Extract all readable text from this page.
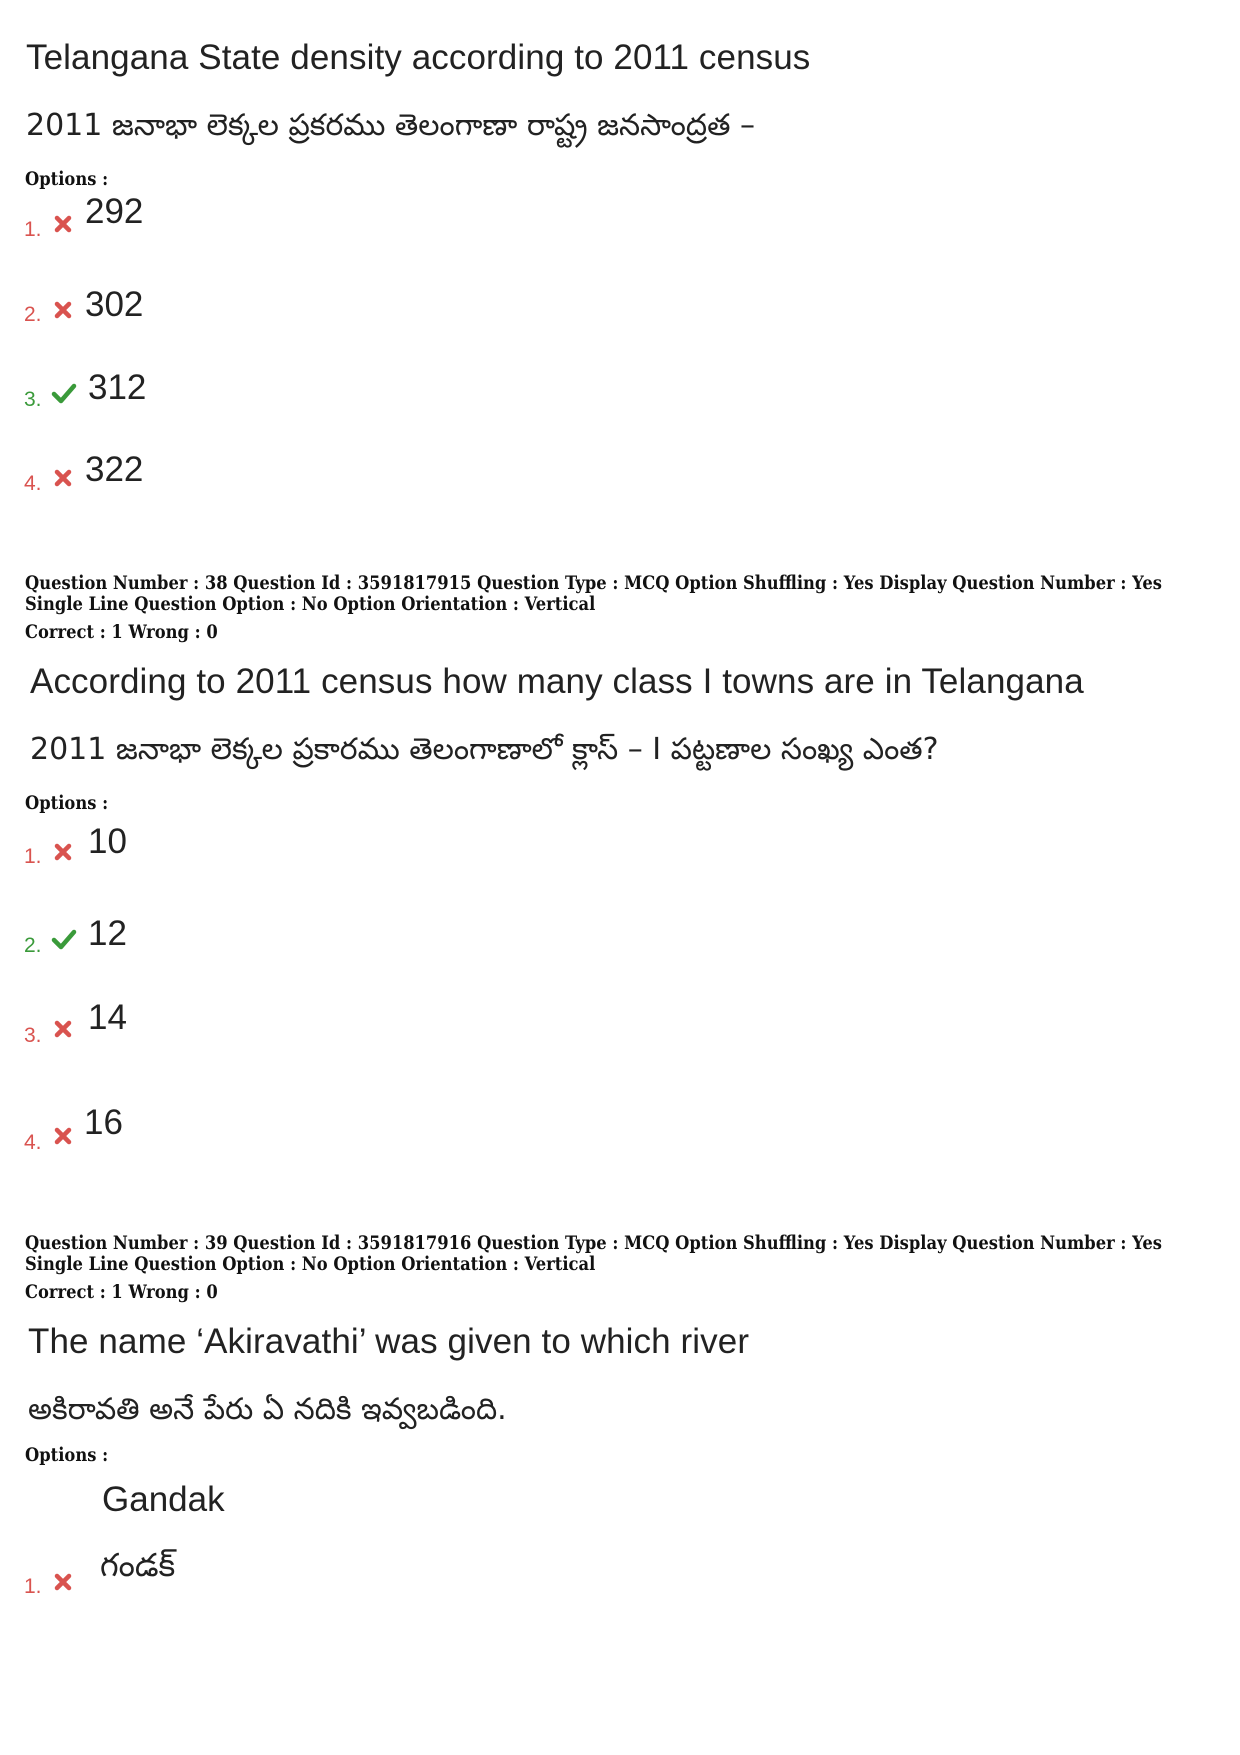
Telangana State density according to 2011 census
2011 జనాభా లెక్కల ప్రకరము తెలంగాణా రాష్ట్ర జనసాంద్రత –
Options :
1. 292
2. 302
3. 312
4. 322
Question Number : 38 Question Id : 3591817915 Question Type : MCQ Option Shuffling : Yes Display Question Number : Yes
Single Line Question Option : No Option Orientation : Vertical
Correct : 1 Wrong : 0
According to 2011 census how many class I towns are in Telangana
2011 జనాభా లెక్కల ప్రకారము తెలంగాణాలో క్లాస్ – I పట్టణాల సంఖ్య ఎంత?
Options :
1. 10
2. 12
3. 14
4.
16
Question Number : 39 Question Id : 3591817916 Question Type : MCQ Option Shuffling : Yes Display Question Number : Yes
Single Line Question Option : No Option Orientation : Vertical
Correct : 1 Wrong : 0
The name ‘Akiravathi’ was given to which river
అకిరావతి అనే పేరు ఏ నదికి ఇవ్వబడింది.
Options :
Gandak
1.
గండక్
